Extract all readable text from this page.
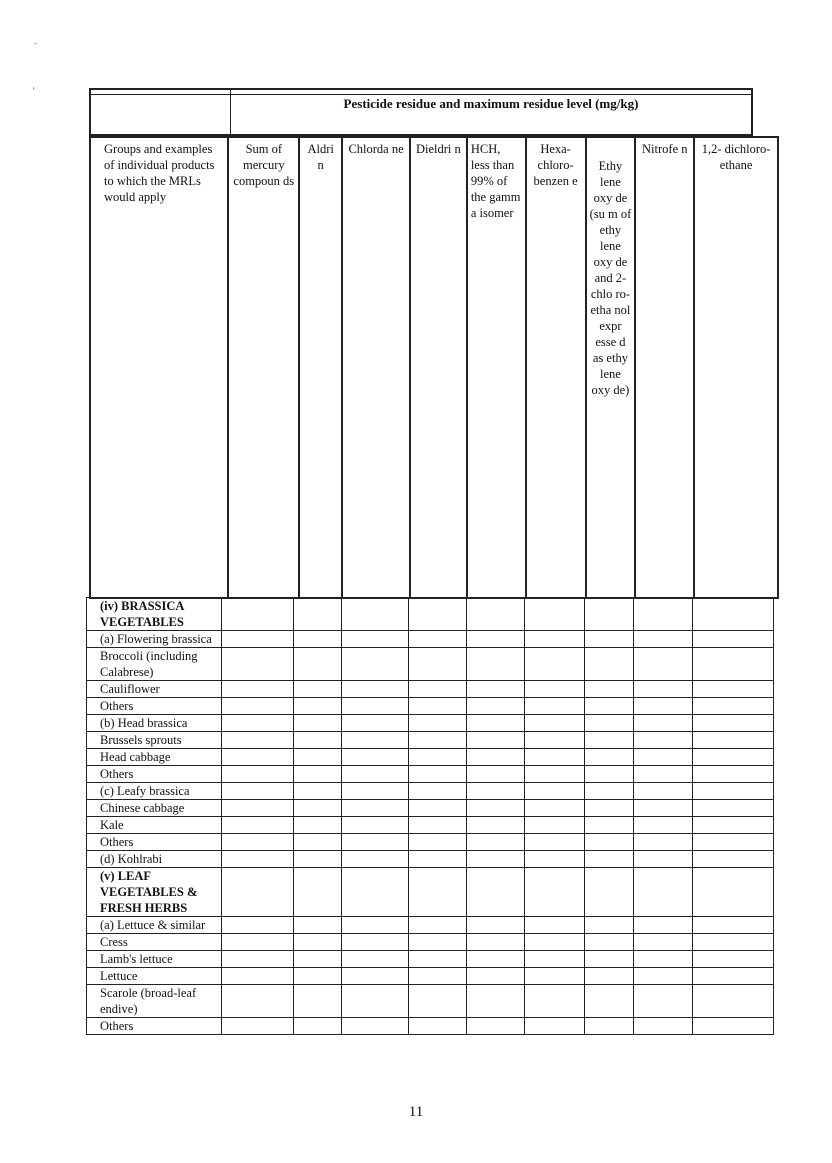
-
'
Pesticide residue and maximum residue level (mg/kg)
Groups and examples of individual products to which the MRLs would apply	Sum of mercury compoun ds	Aldri n	Chlorda ne	Dieldri n	HCH, less than 99% of the gamm a isomer	Hexa- chloro- benzen e	Ethy lene oxy de (su m of ethy lene oxy de and 2- chlo ro- etha nol expr esse d as ethy lene oxy de)	Nitrofe n	1,2- dichloro- ethane
(iv) BRASSICA VEGETABLES									
(a) Flowering brassica									
Broccoli (including Calabrese)									
Cauliflower									
Others									
(b) Head brassica									
Brussels sprouts									
Head cabbage									
Others									
(c) Leafy brassica									
Chinese cabbage									
Kale									
Others									
(d) Kohlrabi									
(v) LEAF VEGETABLES & FRESH HERBS									
(a) Lettuce & similar									
Cress									
Lamb's lettuce									
Lettuce									
Scarole (broad-leaf endive)									
Others									
11
